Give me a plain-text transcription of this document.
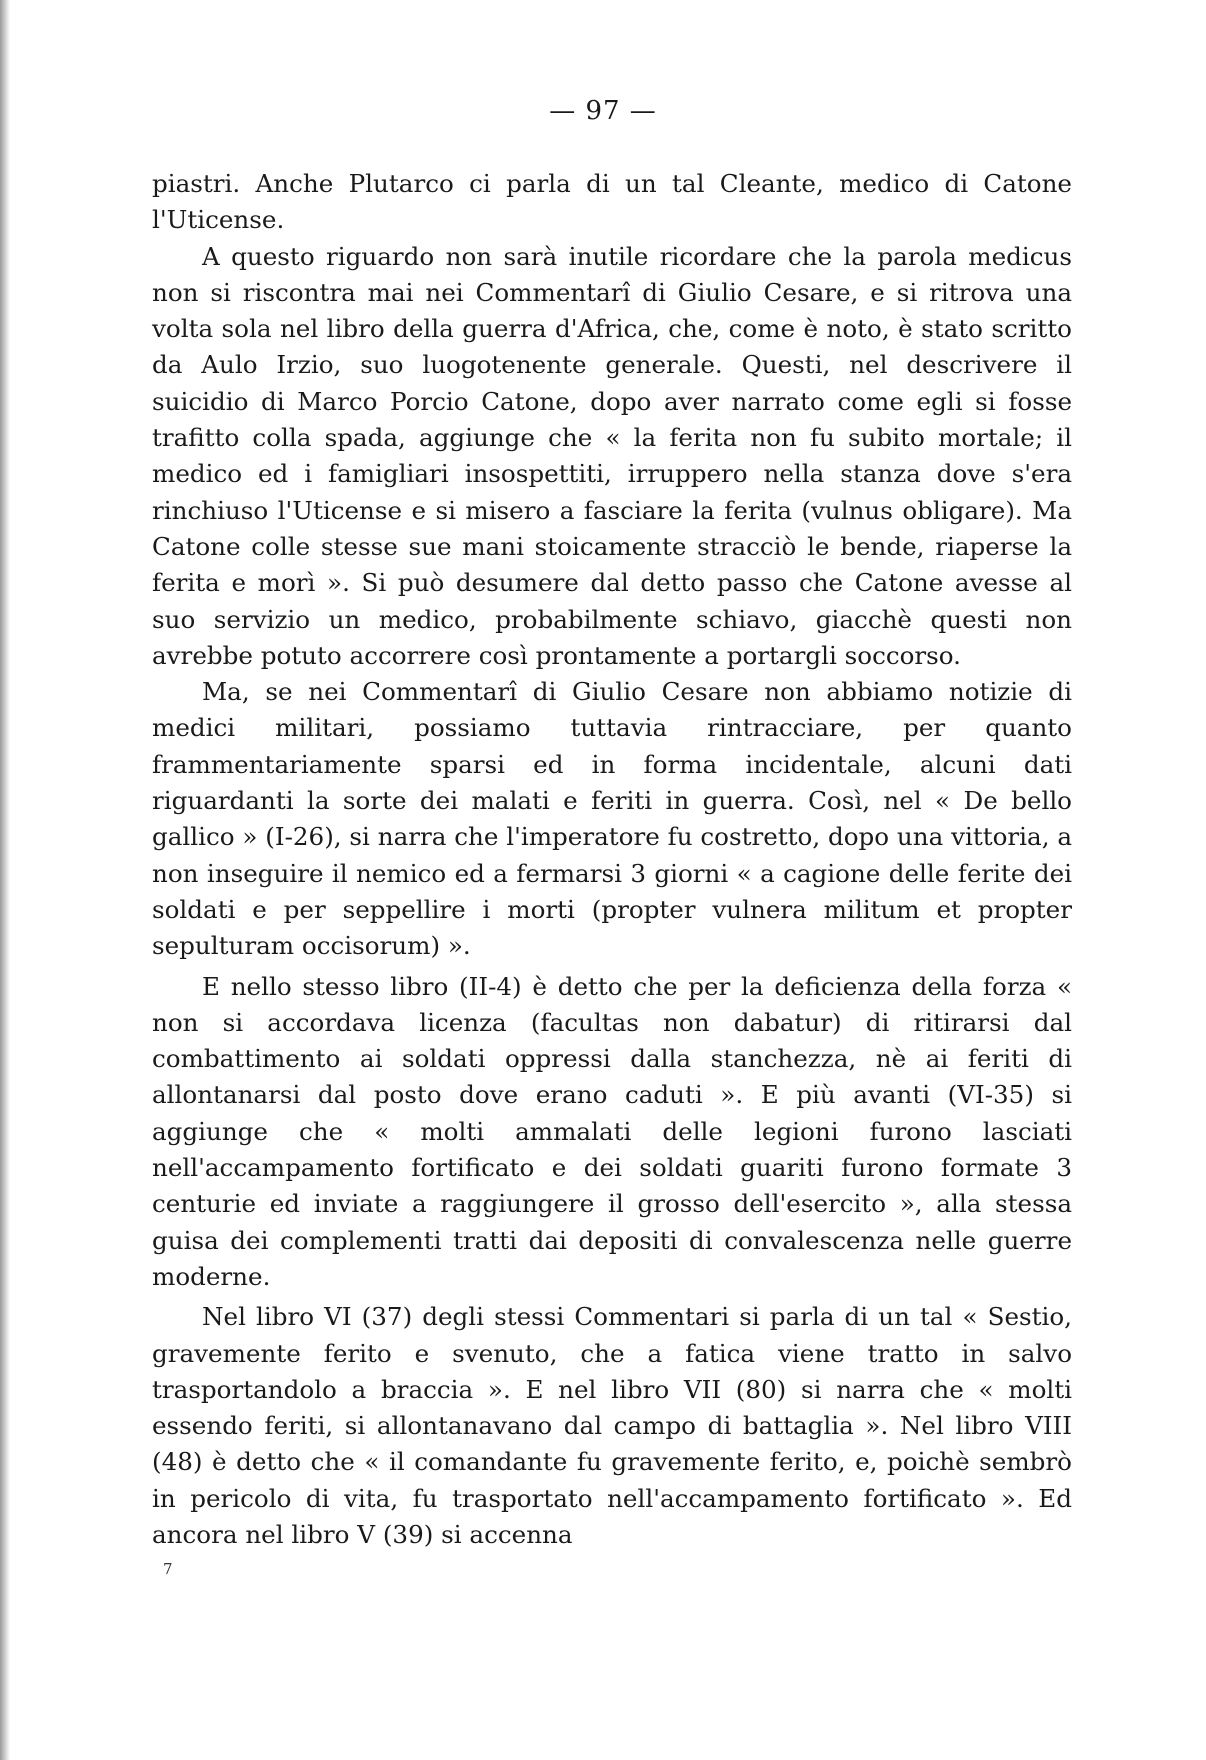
— 97 —

piastri. Anche Plutarco ci parla di un tal Cleante, medico di Catone l'Uticense.

A questo riguardo non sarà inutile ricordare che la parola medicus non si riscontra mai nei Commentarî di Giulio Cesare, e si ritrova una volta sola nel libro della guerra d'Africa, che, come è noto, è stato scritto da Aulo Irzio, suo luogotenente generale. Questi, nel descrivere il suicidio di Marco Porcio Catone, dopo aver narrato come egli si fosse trafitto colla spada, aggiunge che « la ferita non fu subito mortale; il medico ed i famigliari insospettiti, irruppero nella stanza dove s'era rinchiuso l'Uticense e si misero a fasciare la ferita (vulnus obligare). Ma Catone colle stesse sue mani stoicamente stracciò le bende, riaperse la ferita e morì ». Si può desumere dal detto passo che Catone avesse al suo servizio un medico, probabilmente schiavo, giacchè questi non avrebbe potuto accorrere così prontamente a portargli soccorso.

Ma, se nei Commentarî di Giulio Cesare non abbiamo notizie di medici militari, possiamo tuttavia rintracciare, per quanto frammentariamente sparsi ed in forma incidentale, alcuni dati riguardanti la sorte dei malati e feriti in guerra. Così, nel « De bello gallico » (I-26), si narra che l'imperatore fu costretto, dopo una vittoria, a non inseguire il nemico ed a fermarsi 3 giorni « a cagione delle ferite dei soldati e per seppellire i morti (propter vulnera militum et propter sepulturam occisorum) ».

E nello stesso libro (II-4) è detto che per la deficienza della forza « non si accordava licenza (facultas non dabatur) di ritirarsi dal combattimento ai soldati oppressi dalla stanchezza, nè ai feriti di allontanarsi dal posto dove erano caduti ». E più avanti (VI-35) si aggiunge che « molti ammalati delle legioni furono lasciati nell'accampamento fortificato e dei soldati guariti furono formate 3 centurie ed inviate a raggiungere il grosso dell'esercito », alla stessa guisa dei complementi tratti dai depositi di convalescenza nelle guerre moderne.

Nel libro VI (37) degli stessi Commentari si parla di un tal « Sestio, gravemente ferito e svenuto, che a fatica viene tratto in salvo trasportandolo a braccia ». E nel libro VII (80) si narra che « molti essendo feriti, si allontanavano dal campo di battaglia ». Nel libro VIII (48) è detto che « il comandante fu gravemente ferito, e, poichè sembrò in pericolo di vita, fu trasportato nell'accampamento fortificato ». Ed ancora nel libro V (39) si accenna

7
